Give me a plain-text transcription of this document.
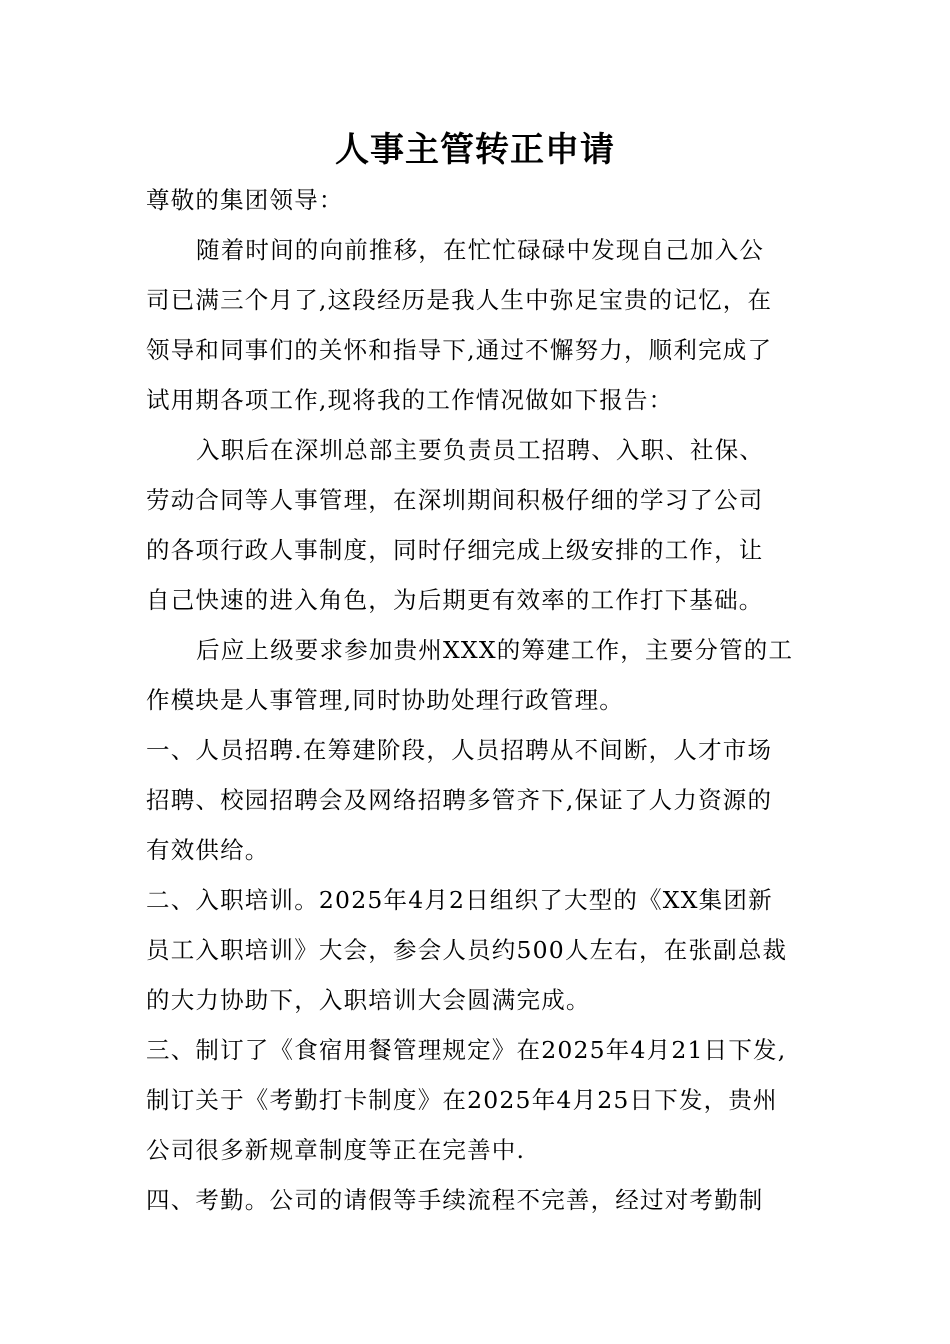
人事主管转正申请
尊敬的集团领导：
随着时间的向前推移，在忙忙碌碌中发现自己加入公
司已满三个月了,这段经历是我人生中弥足宝贵的记忆，在
领导和同事们的关怀和指导下,通过不懈努力，顺利完成了
试用期各项工作,现将我的工作情况做如下报告：
入职后在深圳总部主要负责员工招聘、入职、社保、
劳动合同等人事管理，在深圳期间积极仔细的学习了公司
的各项行政人事制度，同时仔细完成上级安排的工作，让
自己快速的进入角色，为后期更有效率的工作打下基础。
后应上级要求参加贵州XXX的筹建工作，主要分管的工
作模块是人事管理,同时协助处理行政管理。
一、人员招聘.在筹建阶段，人员招聘从不间断，人才市场
招聘、校园招聘会及网络招聘多管齐下,保证了人力资源的
有效供给。
二、入职培训。2025年4月2日组织了大型的《XX集团新
员工入职培训》大会，参会人员约500人左右，在张副总裁
的大力协助下，入职培训大会圆满完成。
三、制订了《食宿用餐管理规定》在2025年4月21日下发,
制订关于《考勤打卡制度》在2025年4月25日下发，贵州
公司很多新规章制度等正在完善中.
四、考勤。公司的请假等手续流程不完善，经过对考勤制
